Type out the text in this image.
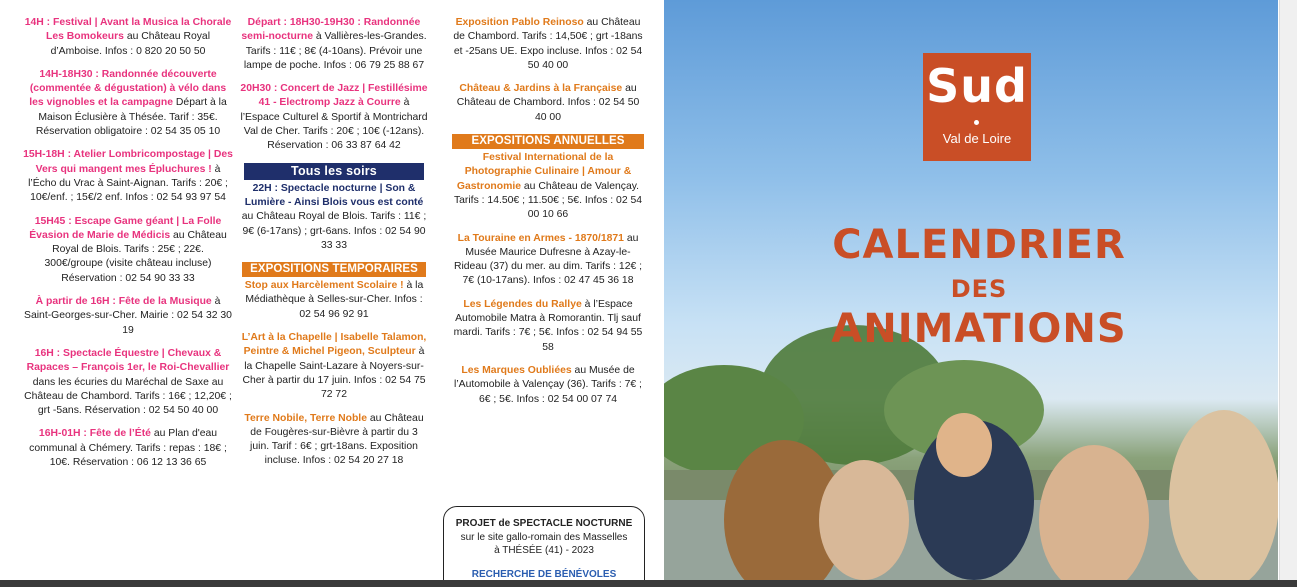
14H : Festival | Avant la Musica la Chorale Les Bomokeurs au Château Royal d’Amboise. Infos : 0 820 20 50 50
14H-18H30 : Randonnée découverte (commentée & dégustation) à vélo dans les vignobles et la campagne Départ à la Maison Éclusière à Thésée. Tarif : 35€. Réservation obligatoire : 02 54 35 05 10
15H-18H : Atelier Lombricompostage | Des Vers qui mangent mes Épluchures ! à l’Écho du Vrac à Saint-Aignan. Tarifs : 20€ ; 10€/enf. ; 15€/2 enf. Infos : 02 54 93 97 54
15H45 : Escape Game géant | La Folle Évasion de Marie de Médicis au Château Royal de Blois. Tarifs : 25€ ; 22€. 300€/groupe (visite château incluse) Réservation : 02 54 90 33 33
À partir de 16H : Fête de la Musique à Saint-Georges-sur-Cher. Mairie : 02 54 32 30 19
16H : Spectacle Équestre | Chevaux & Rapaces – François 1er, le Roi-Chevallier dans les écuries du Maréchal de Saxe au Château de Chambord. Tarifs : 16€ ; 12,20€ ; grt -5ans. Réservation : 02 54 50 40 00
16H-01H : Fête de l’Été au Plan d'eau communal à Chémery. Tarifs : repas : 18€ ; 10€. Réservation : 06 12 13 36 65
Départ : 18H30-19H30 : Randonnée semi-nocturne à Vallières-les-Grandes. Tarifs : 11€ ; 8€ (4-10ans). Prévoir une lampe de poche. Infos : 06 79 25 88 67
20H30 : Concert de Jazz | Festillésime 41 - Electromp Jazz à Courre à l’Espace Culturel & Sportif à Montrichard Val de Cher. Tarifs : 20€ ; 10€ (-12ans). Réservation : 06 33 87 64 42
Tous les soirs
22H : Spectacle nocturne | Son & Lumière - Ainsi Blois vous est conté au Château Royal de Blois. Tarifs : 11€ ; 9€ (6-17ans) ; grt-6ans. Infos : 02 54 90 33 33
EXPOSITIONS TEMPORAIRES
Stop aux Harcèlement Scolaire ! à la Médiathèque à Selles-sur-Cher. Infos : 02 54 96 92 91
L’Art à la Chapelle | Isabelle Talamon, Peintre & Michel Pigeon, Sculpteur à la Chapelle Saint-Lazare à Noyers-sur-Cher à partir du 17 juin. Infos : 02 54 75 72 72
Terre Nobile, Terre Noble au Château de Fougères-sur-Bièvre à partir du 3 juin. Tarif : 6€ ; grt-18ans. Exposition incluse. Infos : 02 54 20 27 18
Exposition Pablo Reinoso au Château de Chambord. Tarifs : 14,50€ ; grt -18ans et -25ans UE. Expo incluse. Infos : 02 54 50 40 00
Château & Jardins à la Française au Château de Chambord. Infos : 02 54 50 40 00
EXPOSITIONS ANNUELLES
Festival International de la Photographie Culinaire | Amour & Gastronomie au Château de Valençay. Tarifs : 14.50€ ; 11.50€ ; 5€. Infos : 02 54 00 10 66
La Touraine en Armes - 1870/1871 au Musée Maurice Dufresne à Azay-le-Rideau (37) du mer. au dim. Tarifs : 12€ ; 7€ (10-17ans). Infos : 02 47 45 36 18
Les Légendes du Rallye à l’Espace Automobile Matra à Romorantin. Tlj sauf mardi. Tarifs : 7€ ; 5€. Infos : 02 54 94 55 58
Les Marques Oubliées au Musée de l’Automobile à Valençay (36). Tarifs : 7€ ; 6€ ; 5€. Infos : 02 54 00 07 74
PROJET de SPECTACLE NOCTURNE
sur le site gallo-romain des Masselles
à THÉSÉE (41) - 2023
RECHERCHE DE BÉNÉVOLES
Sud
Val de Loire
CALENDRIER
DES
ANIMATIONS
